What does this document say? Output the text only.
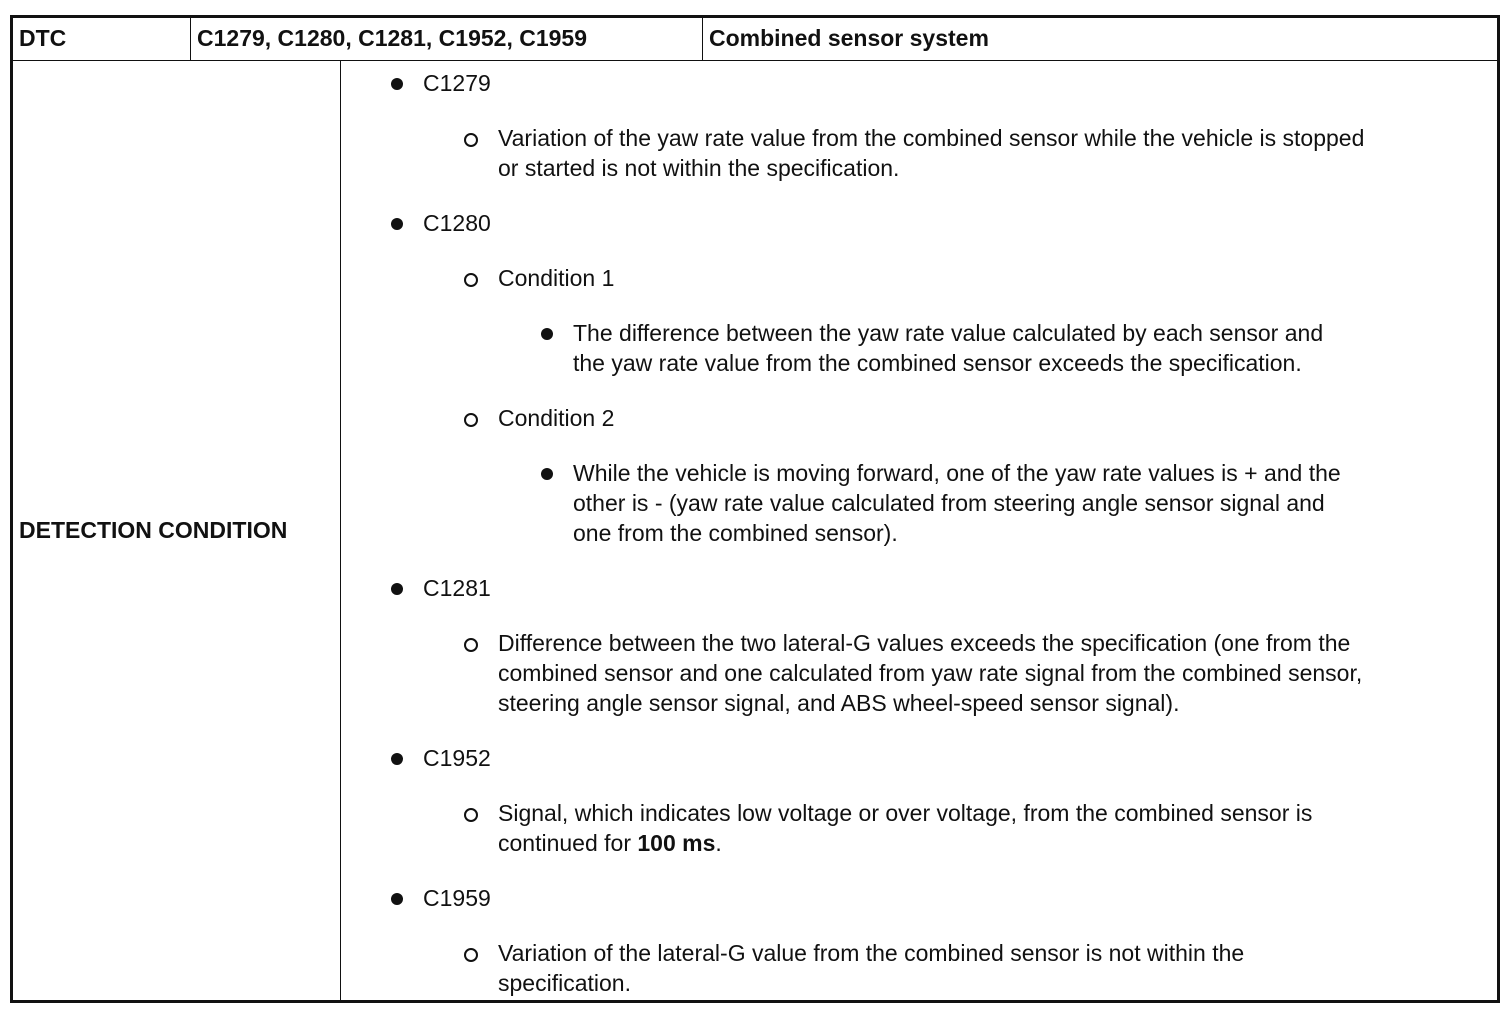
DTC	C1279, C1280, C1281, C1952, C1959	Combined sensor system
DETECTION CONDITION
C1279
Variation of the yaw rate value from the combined sensor while the vehicle is stopped
or started is not within the specification.
C1280
Condition 1
The difference between the yaw rate value calculated by each sensor and
the yaw rate value from the combined sensor exceeds the specification.
Condition 2
While the vehicle is moving forward, one of the yaw rate values is + and the
other is - (yaw rate value calculated from steering angle sensor signal and
one from the combined sensor).
C1281
Difference between the two lateral-G values exceeds the specification (one from the
combined sensor and one calculated from yaw rate signal from the combined sensor,
steering angle sensor signal, and ABS wheel-speed sensor signal).
C1952
Signal, which indicates low voltage or over voltage, from the combined sensor is
continued for 100 ms.
C1959
Variation of the lateral-G value from the combined sensor is not within the
specification.
